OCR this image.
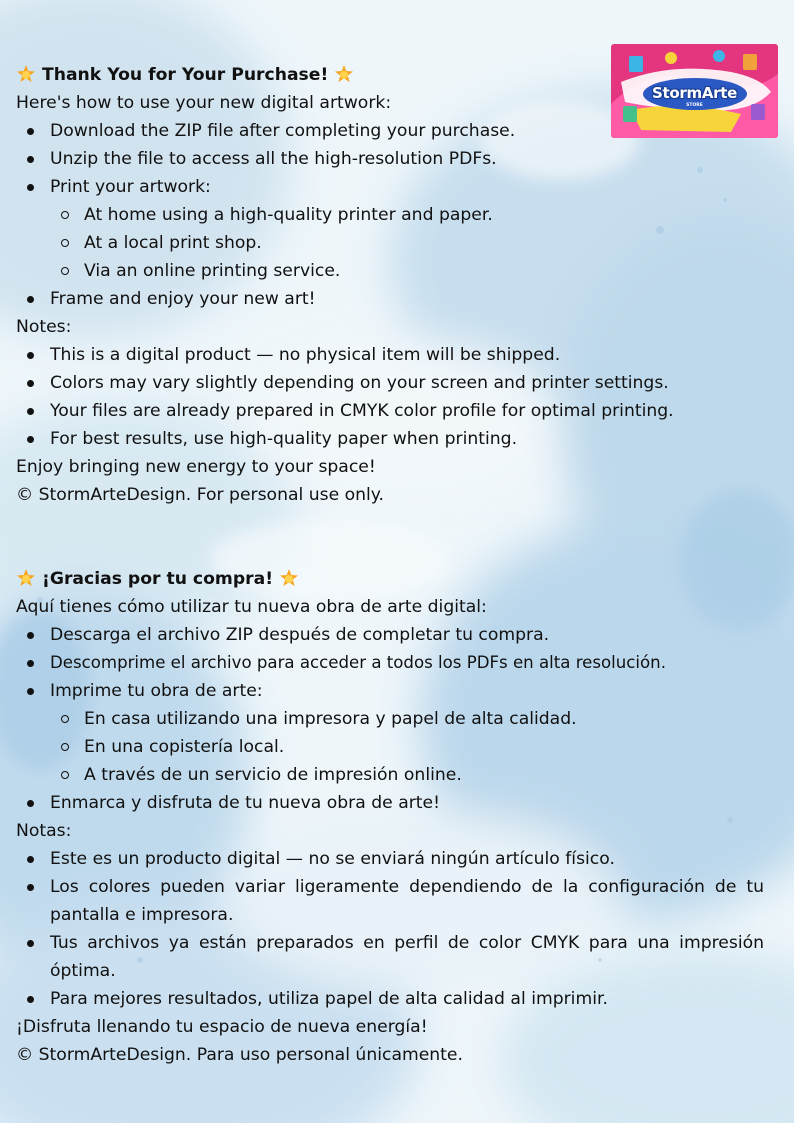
StormArte
STORE

Thank You for Your Purchase!

Here's how to use your new digital artwork:

Download the ZIP file after completing your purchase.
Unzip the file to access all the high-resolution PDFs.
Print your artwork:
At home using a high-quality printer and paper.
At a local print shop.
Via an online printing service.
Frame and enjoy your new art!

Notes:

This is a digital product — no physical item will be shipped.
Colors may vary slightly depending on your screen and printer settings.
Your files are already prepared in CMYK color profile for optimal printing.
For best results, use high-quality paper when printing.

Enjoy bringing new energy to your space!

© StormArteDesign. For personal use only.

¡Gracias por tu compra!

Aquí tienes cómo utilizar tu nueva obra de arte digital:

Descarga el archivo ZIP después de completar tu compra.
Descomprime el archivo para acceder a todos los PDFs en alta resolución.
Imprime tu obra de arte:
En casa utilizando una impresora y papel de alta calidad.
En una copistería local.
A través de un servicio de impresión online.
Enmarca y disfruta de tu nueva obra de arte!

Notas:

Este es un producto digital — no se enviará ningún artículo físico.
Los colores pueden variar ligeramente dependiendo de la configuración de tu pantalla e impresora.
Tus archivos ya están preparados en perfil de color CMYK para una impresión óptima.
Para mejores resultados, utiliza papel de alta calidad al imprimir.

¡Disfruta llenando tu espacio de nueva energía!

© StormArteDesign. Para uso personal únicamente.
